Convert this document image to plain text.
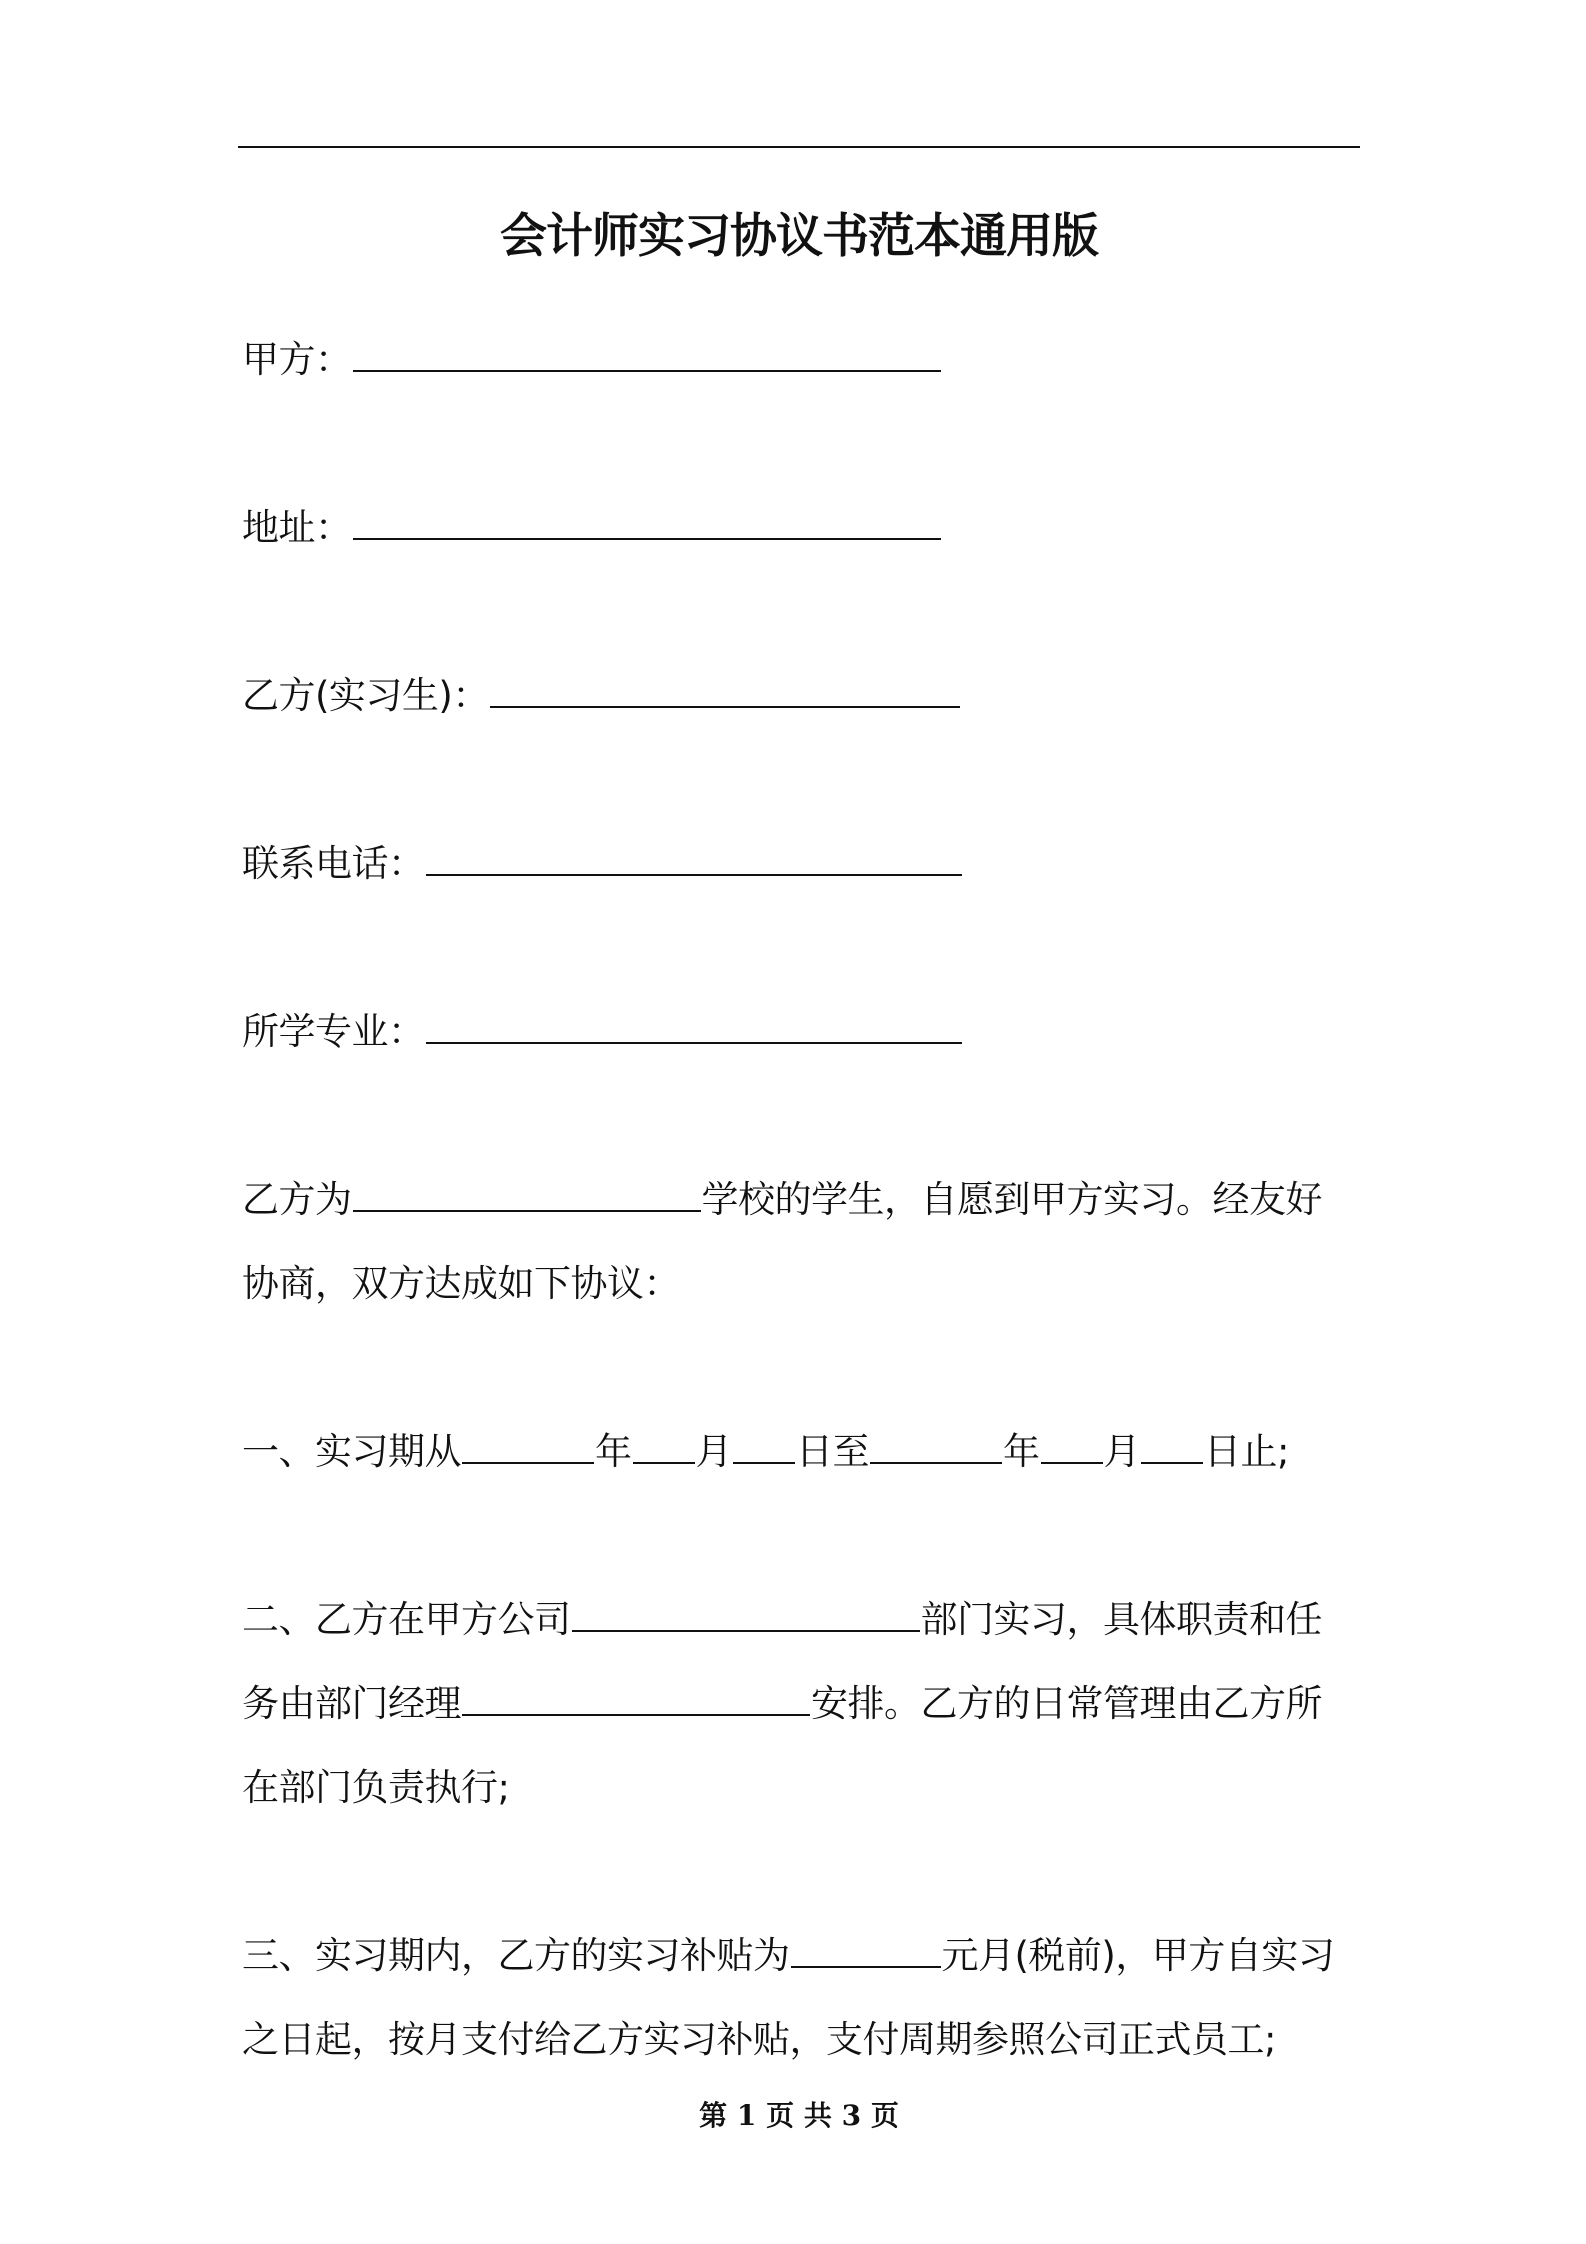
会计师实习协议书范本通用版
甲方：
地址：
乙方(实习生)：
联系电话：
所学专业：
乙方为	学校的学生，自愿到甲方实习。经友好
协商，双方达成如下协议：
一、实习期从	年 月 日至	年 月 日止;
二、乙方在甲方公司	部门实习，具体职责和任
务由部门经理	安排。乙方的日常管理由乙方所
在部门负责执行;
三、实习期内，乙方的实习补贴为	元月(税前)，甲方自实习
之日起，按月支付给乙方实习补贴，支付周期参照公司正式员工;
第 1 页 共 3 页
